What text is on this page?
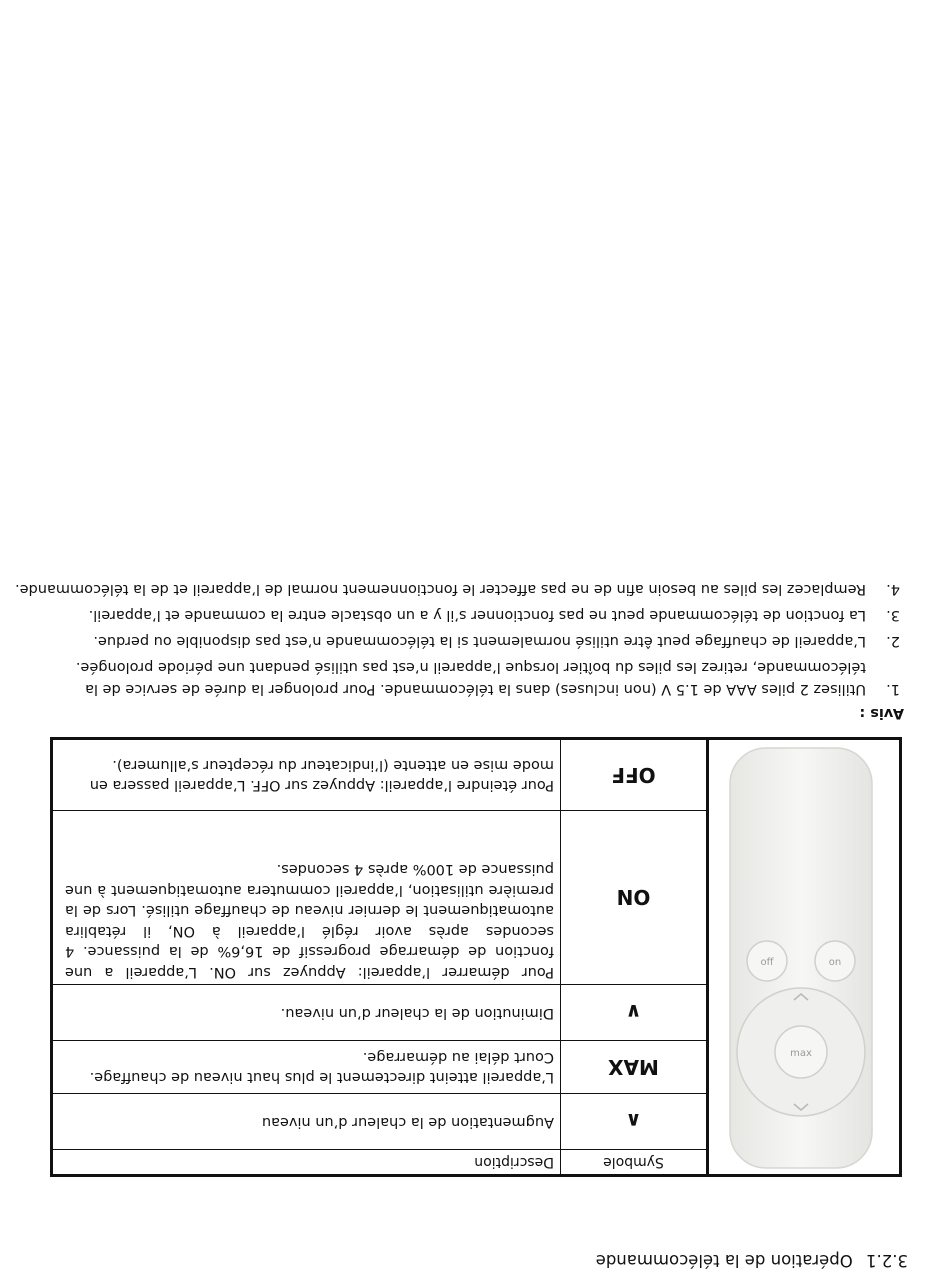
3.2.1 Opération de la télécommande
max
on
off
Symbole
Description
∧
Augmentation de la chaleur d’un niveau
MAX
L’appareil atteint directement le plus haut niveau de chauffage. Court délai au démarrage.
∨
Diminution de la chaleur d’un niveau.
ON
Pour démarrer l’appareil: Appuyez sur ON. L’appareil a une fonction de démarrage progressif de 16,6% de la puissance. 4 secondes après avoir réglé l’appareil à ON, il rétablira automatiquement le dernier niveau de chauffage utilisé. Lors de la première utilisation, l’appareil commutera automatiquement à une puissance de 100% après 4 secondes.
OFF
Pour éteindre l’appareil: Appuyez sur OFF. L’appareil passera en mode mise en attente (l’indicateur du récepteur s’allumera).
Avis :
1.
Utilisez 2 piles AAA de 1.5 V (non incluses) dans la télécommande. Pour prolonger la durée de service de la télécommande, retirez les piles du boîtier lorsque l’appareil n’est pas utilisé pendant une période prolongée.
2.
L’appareil de chauffage peut être utilisé normalement si la télécommande n’est pas disponible ou perdue.
3.
La fonction de télécommande peut ne pas fonctionner s’il y a un obstacle entre la commande et l’appareil.
4.
Remplacez les piles au besoin afin de ne pas affecter le fonctionnement normal de l’appareil et de la télécommande.
